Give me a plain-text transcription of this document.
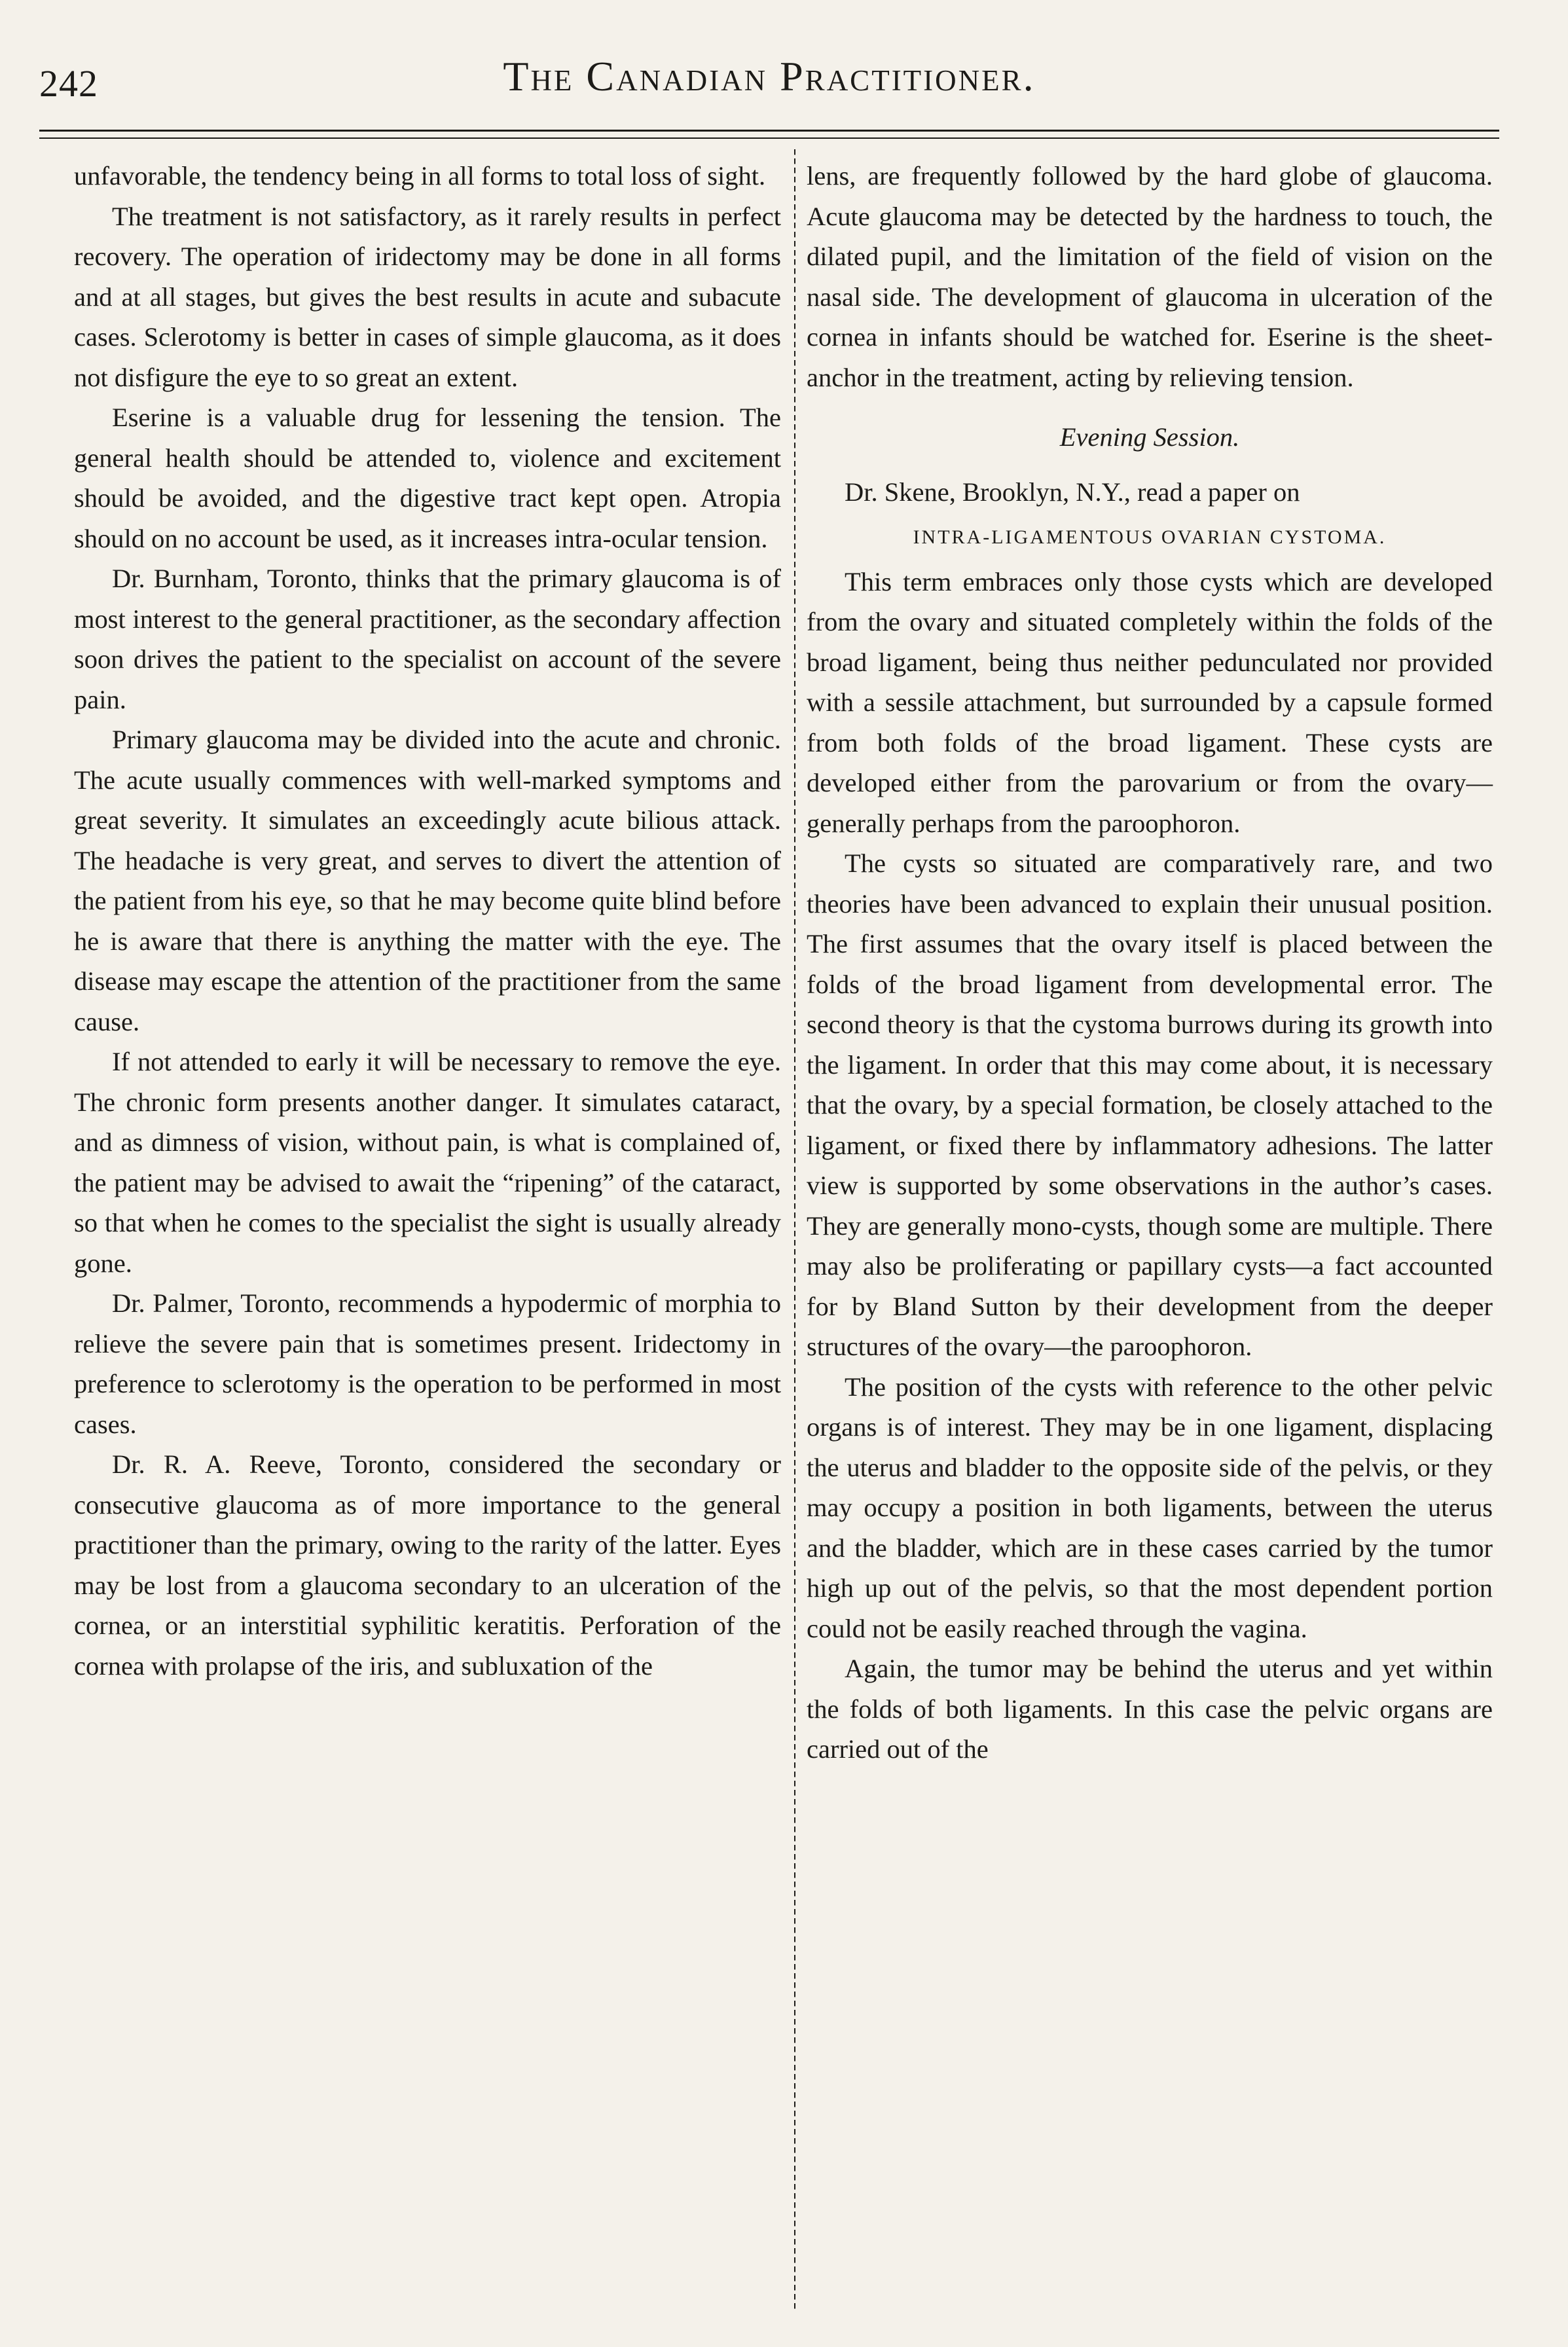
242	The Canadian Practitioner.

unfavorable, the tendency being in all forms to total loss of sight.

The treatment is not satisfactory, as it rarely results in perfect recovery. The operation of iridectomy may be done in all forms and at all stages, but gives the best results in acute and subacute cases. Sclerotomy is better in cases of simple glaucoma, as it does not disfigure the eye to so great an extent.

Eserine is a valuable drug for lessening the tension. The general health should be attended to, violence and excitement should be avoided, and the digestive tract kept open. Atropia should on no account be used, as it increases intra-ocular tension.

Dr. Burnham, Toronto, thinks that the primary glaucoma is of most interest to the general practitioner, as the secondary affection soon drives the patient to the specialist on account of the severe pain.

Primary glaucoma may be divided into the acute and chronic. The acute usually commences with well-marked symptoms and great severity. It simulates an exceedingly acute bilious attack. The headache is very great, and serves to divert the attention of the patient from his eye, so that he may become quite blind before he is aware that there is anything the matter with the eye. The disease may escape the attention of the practitioner from the same cause.

If not attended to early it will be necessary to remove the eye. The chronic form presents another danger. It simulates cataract, and as dimness of vision, without pain, is what is complained of, the patient may be advised to await the “ripening” of the cataract, so that when he comes to the specialist the sight is usually already gone.

Dr. Palmer, Toronto, recommends a hypodermic of morphia to relieve the severe pain that is sometimes present. Iridectomy in preference to sclerotomy is the operation to be performed in most cases.

Dr. R. A. Reeve, Toronto, considered the secondary or consecutive glaucoma as of more importance to the general practitioner than the primary, owing to the rarity of the latter. Eyes may be lost from a glaucoma secondary to an ulceration of the cornea, or an interstitial syphilitic keratitis. Perforation of the cornea with prolapse of the iris, and subluxation of the

lens, are frequently followed by the hard globe of glaucoma. Acute glaucoma may be detected by the hardness to touch, the dilated pupil, and the limitation of the field of vision on the nasal side. The development of glaucoma in ulceration of the cornea in infants should be watched for. Eserine is the sheet-anchor in the treatment, acting by relieving tension.

Evening Session.

Dr. Skene, Brooklyn, N.Y., read a paper on

INTRA-LIGAMENTOUS OVARIAN CYSTOMA.

This term embraces only those cysts which are developed from the ovary and situated completely within the folds of the broad ligament, being thus neither pedunculated nor provided with a sessile attachment, but surrounded by a capsule formed from both folds of the broad ligament. These cysts are developed either from the parovarium or from the ovary—generally perhaps from the paroophoron.

The cysts so situated are comparatively rare, and two theories have been advanced to explain their unusual position. The first assumes that the ovary itself is placed between the folds of the broad ligament from developmental error. The second theory is that the cystoma burrows during its growth into the ligament. In order that this may come about, it is necessary that the ovary, by a special formation, be closely attached to the ligament, or fixed there by inflammatory adhesions. The latter view is supported by some observations in the author’s cases. They are generally mono-cysts, though some are multiple. There may also be proliferating or papillary cysts—a fact accounted for by Bland Sutton by their development from the deeper structures of the ovary—the paroophoron.

The position of the cysts with reference to the other pelvic organs is of interest. They may be in one ligament, displacing the uterus and bladder to the opposite side of the pelvis, or they may occupy a position in both ligaments, between the uterus and the bladder, which are in these cases carried by the tumor high up out of the pelvis, so that the most dependent portion could not be easily reached through the vagina.

Again, the tumor may be behind the uterus and yet within the folds of both ligaments. In this case the pelvic organs are carried out of the
